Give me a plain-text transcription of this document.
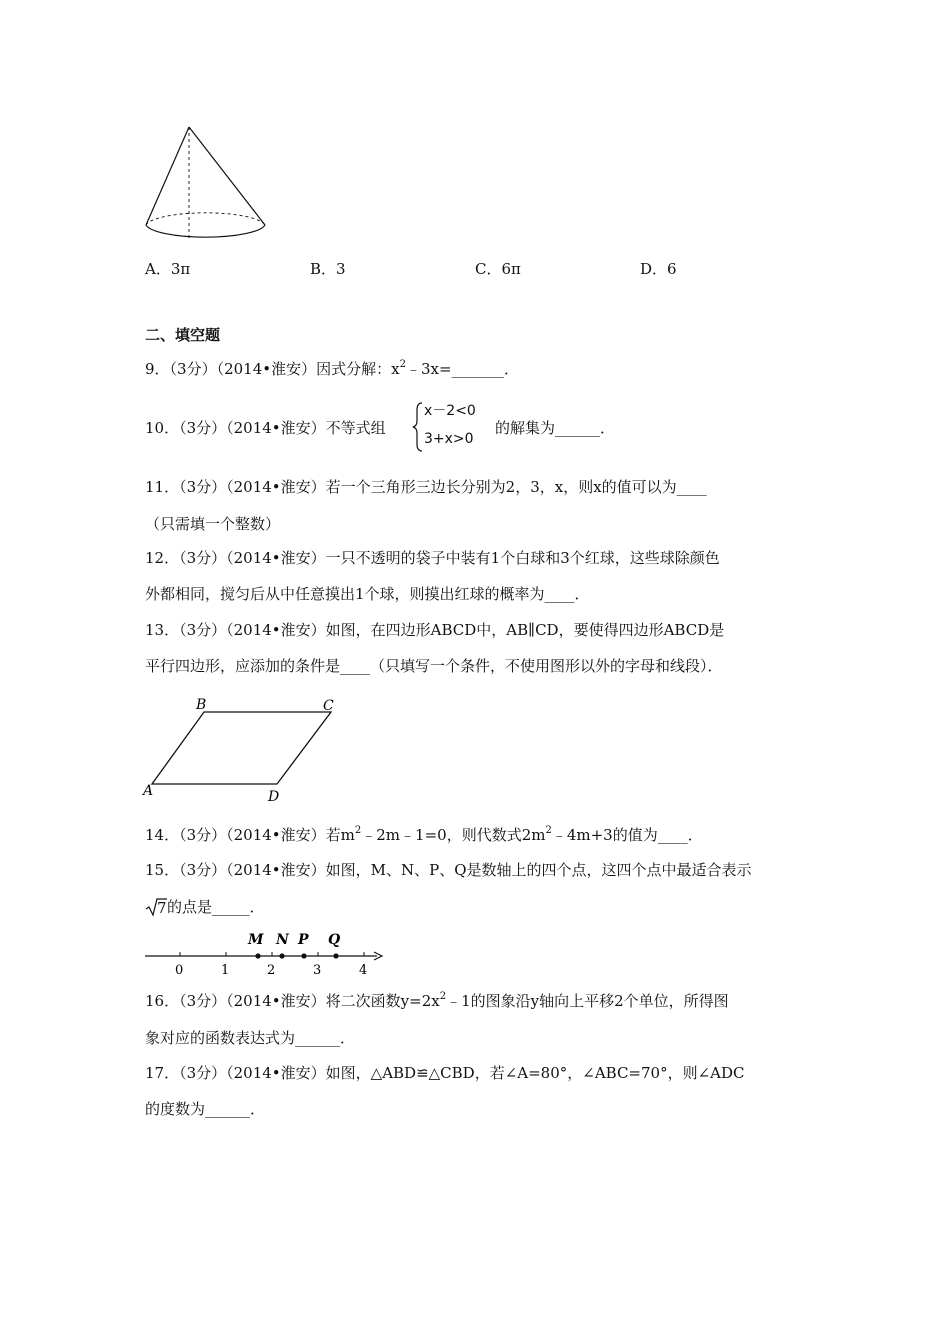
A．3π	B．3	C．6π	D．6
二、填空题
9．（3分）（2014•淮安）因式分解：$x^2﹣3x=\_\_\_\_\_\_\_$．
10．（3分）（2014•淮安）不等式组
x－2<0
3+x>0
的解集为______．
11．（3分）（2014•淮安）若一个三角形三边长分别为2，3，x，则x的值可以为____
（只需填一个整数）
12．（3分）（2014•淮安）一只不透明的袋子中装有1个白球和3个红球，这些球除颜色
外都相同，搅匀后从中任意摸出1个球，则摸出红球的概率为____．
13．（3分）（2014•淮安）如图，在四边形ABCD中，AB∥CD，要使得四边形ABCD是
平行四边形，应添加的条件是____（只填写一个条件，不使用图形以外的字母和线段）．
B	C
A	D
14．（3分）（2014•淮安）若$m^2﹣2m﹣1=0$，则代数式$2m^2﹣4m+3$的值为____．
15．（3分）（2014•淮安）如图，M、N、P、Q是数轴上的四个点，这四个点中最适合表示
7 的点是_____．
0	1	2	3	4
M N P Q
16．（3分）（2014•淮安）将二次函数$y=2x^2﹣1$的图象沿y轴向上平移2个单位，所得图
象对应的函数表达式为______．
17．（3分）（2014•淮安）如图，△ABD≌△CBD，若∠A=80°，∠ABC=70°，则∠ADC
的度数为______．
